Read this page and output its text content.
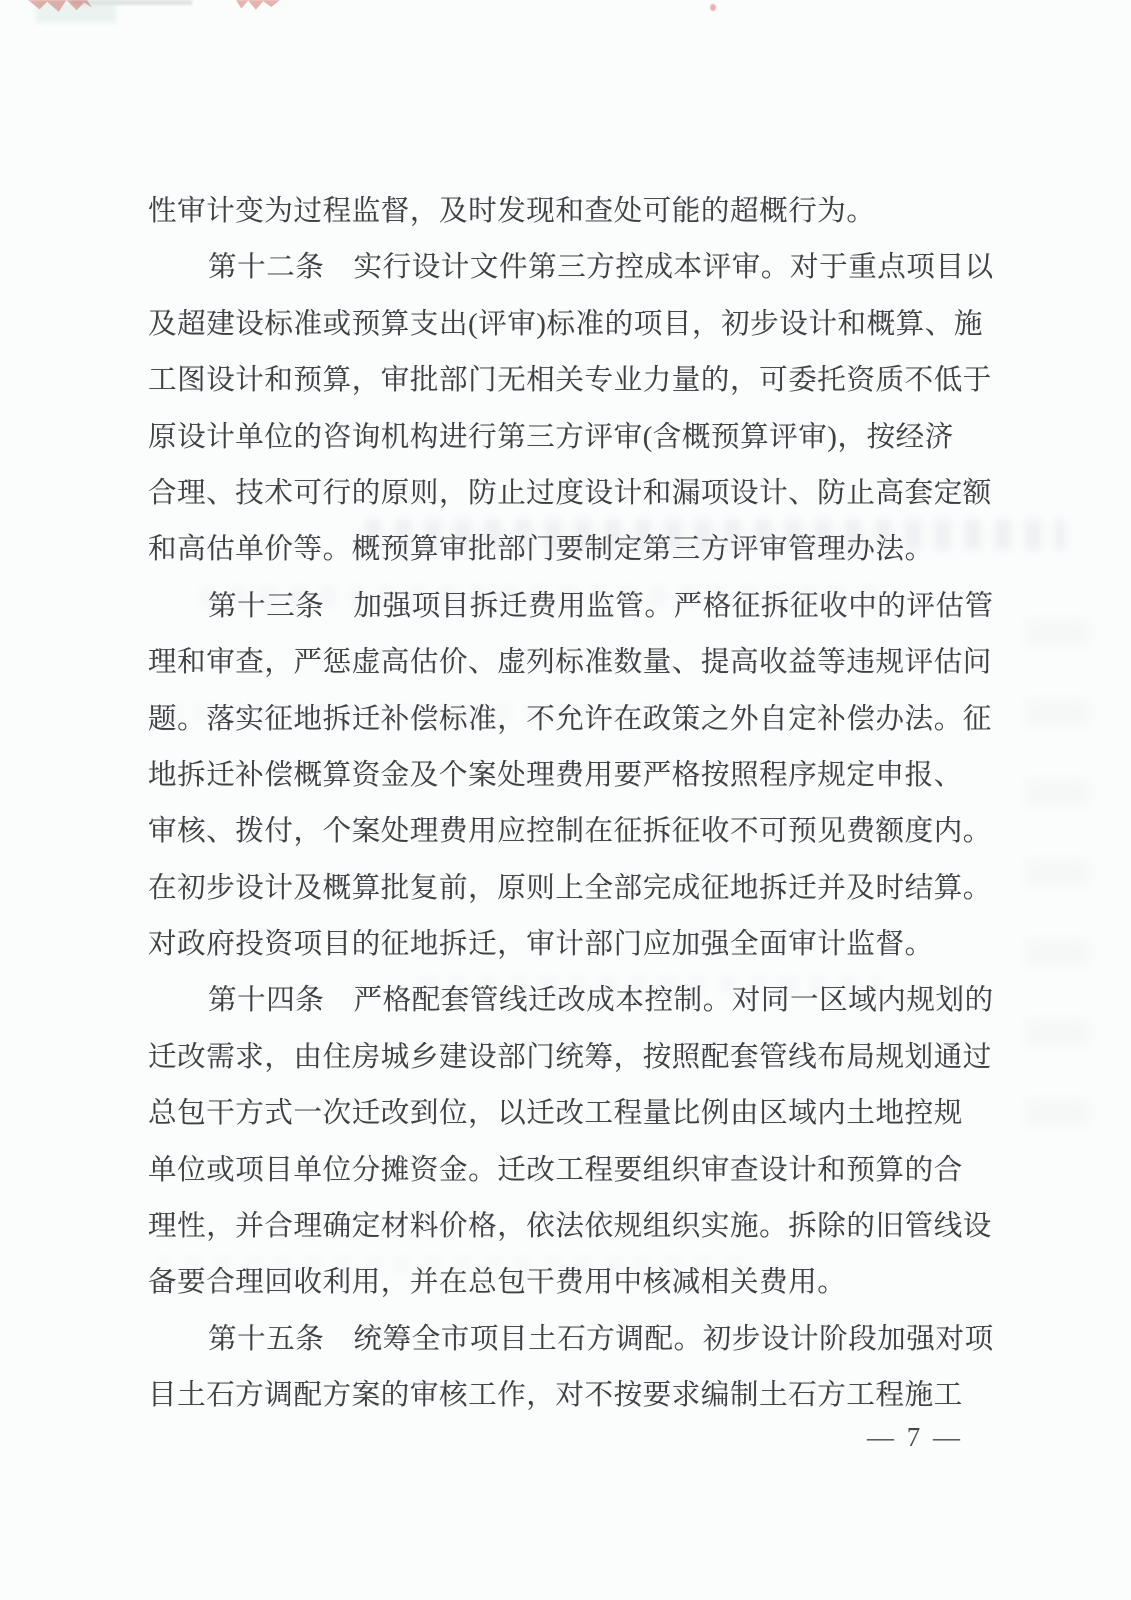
性审计变为过程监督，及时发现和查处可能的超概行为。
第十二条　实行设计文件第三方控成本评审。对于重点项目以
及超建设标准或预算支出(评审)标准的项目，初步设计和概算、施
工图设计和预算，审批部门无相关专业力量的，可委托资质不低于
原设计单位的咨询机构进行第三方评审(含概预算评审)，按经济
合理、技术可行的原则，防止过度设计和漏项设计、防止高套定额
和高估单价等。概预算审批部门要制定第三方评审管理办法。
第十三条　加强项目拆迁费用监管。严格征拆征收中的评估管
理和审查，严惩虚高估价、虚列标准数量、提高收益等违规评估问
题。落实征地拆迁补偿标准，不允许在政策之外自定补偿办法。征
地拆迁补偿概算资金及个案处理费用要严格按照程序规定申报、
审核、拨付，个案处理费用应控制在征拆征收不可预见费额度内。
在初步设计及概算批复前，原则上全部完成征地拆迁并及时结算。
对政府投资项目的征地拆迁，审计部门应加强全面审计监督。
第十四条　严格配套管线迁改成本控制。对同一区域内规划的
迁改需求，由住房城乡建设部门统筹，按照配套管线布局规划通过
总包干方式一次迁改到位，以迁改工程量比例由区域内土地控规
单位或项目单位分摊资金。迁改工程要组织审查设计和预算的合
理性，并合理确定材料价格，依法依规组织实施。拆除的旧管线设
备要合理回收利用，并在总包干费用中核减相关费用。
第十五条　统筹全市项目土石方调配。初步设计阶段加强对项
目土石方调配方案的审核工作，对不按要求编制土石方工程施工
— 7 —
